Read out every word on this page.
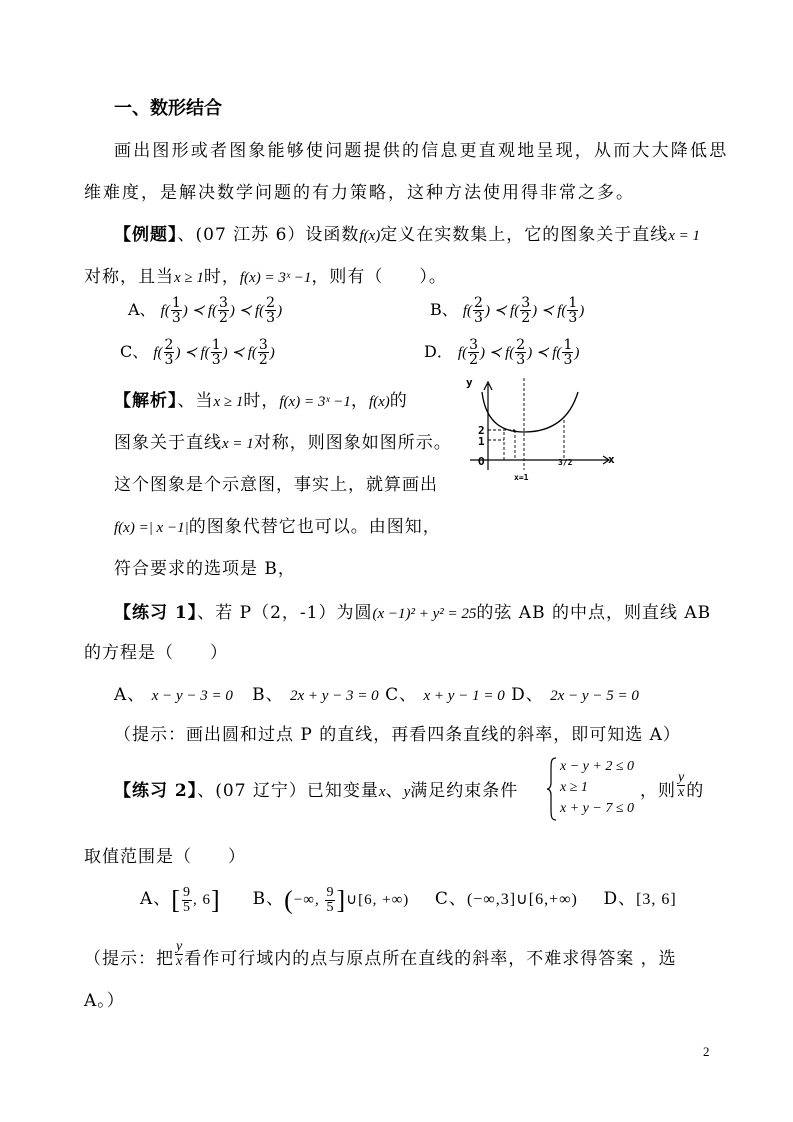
一、数形结合
画出图形或者图象能够使问题提供的信息更直观地呈现，从而大大降低思
维难度，是解决数学问题的有力策略，这种方法使用得非常之多。
【例题】、(07 江苏 6）设函数f(x)定义在实数集上，它的图象关于直线x = 1
对称，且当x ≥ 1时，f(x) = 3ˣ −1，则有（　　）。
A、 $f( \frac{1}{3}$ ) ≺ $f( \frac{3}{2}$ ) ≺ $f( \frac{2}{3}$ )	B、 $f( \frac{2}{3}$ ) ≺ $f( \frac{3}{2}$ ) ≺ $f( \frac{1}{3}$ )
C、 $f( \frac{2}{3}$ ) ≺ $f( \frac{1}{3}$ ) ≺ $f( \frac{3}{2}$ )	D． $f( \frac{3}{2}$ ) ≺ $f( \frac{2}{3}$ ) ≺ $f( \frac{1}{3}$ )
【解析】、当x ≥ 1时，f(x) = 3ˣ −1，f(x)的
图象关于直线x = 1对称，则图象如图所示。
这个图象是个示意图，事实上，就算画出
f(x) =| x −1|的图象代替它也可以。由图知，
符合要求的选项是 B，
y
x
O
2
1
3/2
x=1
【练习 1】、若 P（2，-1）为圆(x −1)² + y² = 25的弦 AB 的中点，则直线 AB
的方程是（　　）
A、 x − y − 3 = 0 B、 2x + y − 3 = 0 C、 x + y − 1 = 0 D、 2x − y − 5 = 0
（提示：画出圆和过点 P 的直线，再看四条直线的斜率，即可知选 A）
【练习 2】、(07 辽宁）已知变量x、y满足约束条件
x − y + 2 ≤ 0
x ≥ 1
x + y − 7 ≤ 0
，则 $\frac{y}{x}$ 的
取值范围是（　　）
A、[ $\frac{9}{5}$ , 6] B、(−∞, $\frac{9}{5}$ ]∪[6, +∞) C、(−∞,3]∪[6,+∞) D、[3, 6]
（提示：把 $\frac{y}{x}$ 看作可行域内的点与原点所在直线的斜率，不难求得答案 ，选
A。）
2
